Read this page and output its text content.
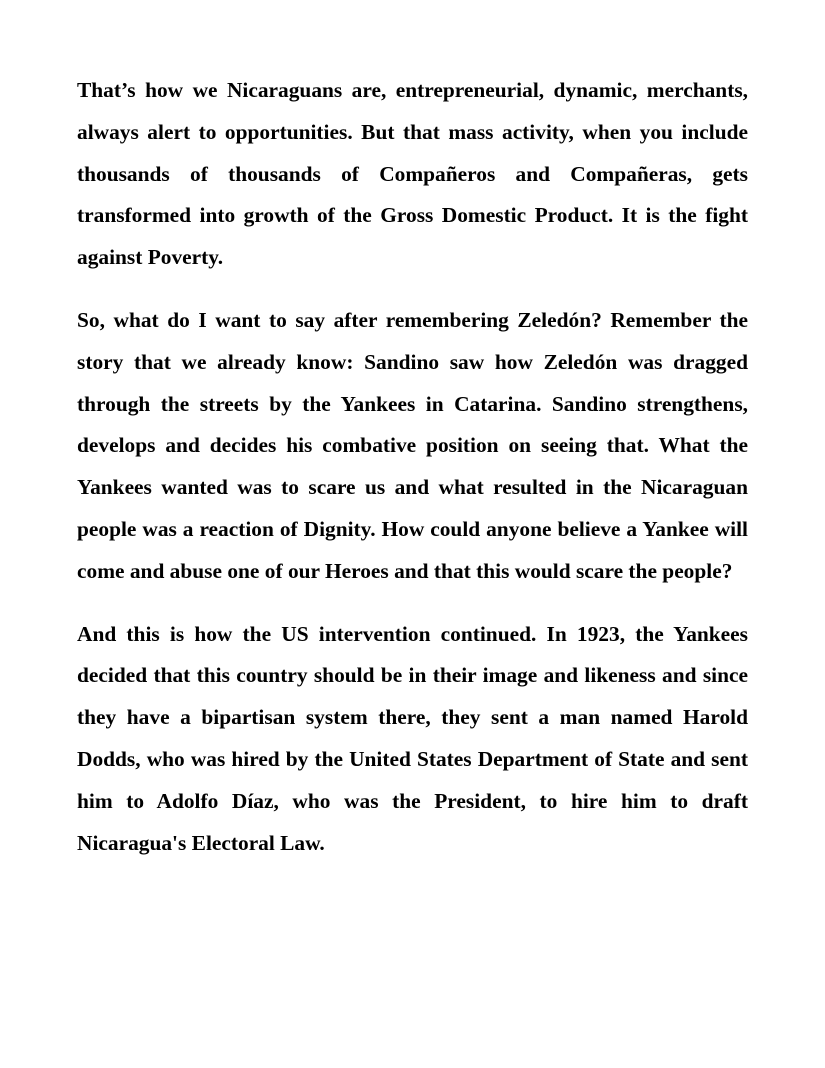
That’s how we Nicaraguans are, entrepreneurial, dynamic, merchants, always alert to opportunities. But that mass activity, when you include thousands of thousands of Compañeros and Compañeras, gets transformed into growth of the Gross Domestic Product. It is the fight against Poverty.

So, what do I want to say after remembering Zeledón? Remember the story that we already know: Sandino saw how Zeledón was dragged through the streets by the Yankees in Catarina. Sandino strengthens, develops and decides his combative position on seeing that. What the Yankees wanted was to scare us and what resulted in the Nicaraguan people was a reaction of Dignity. How could anyone believe a Yankee will come and abuse one of our Heroes and that this would scare the people?

And this is how the US intervention continued. In 1923, the Yankees decided that this country should be in their image and likeness and since they have a bipartisan system there, they sent a man named Harold Dodds, who was hired by the United States Department of State and sent him to Adolfo Díaz, who was the President, to hire him to draft Nicaragua's Electoral Law.
